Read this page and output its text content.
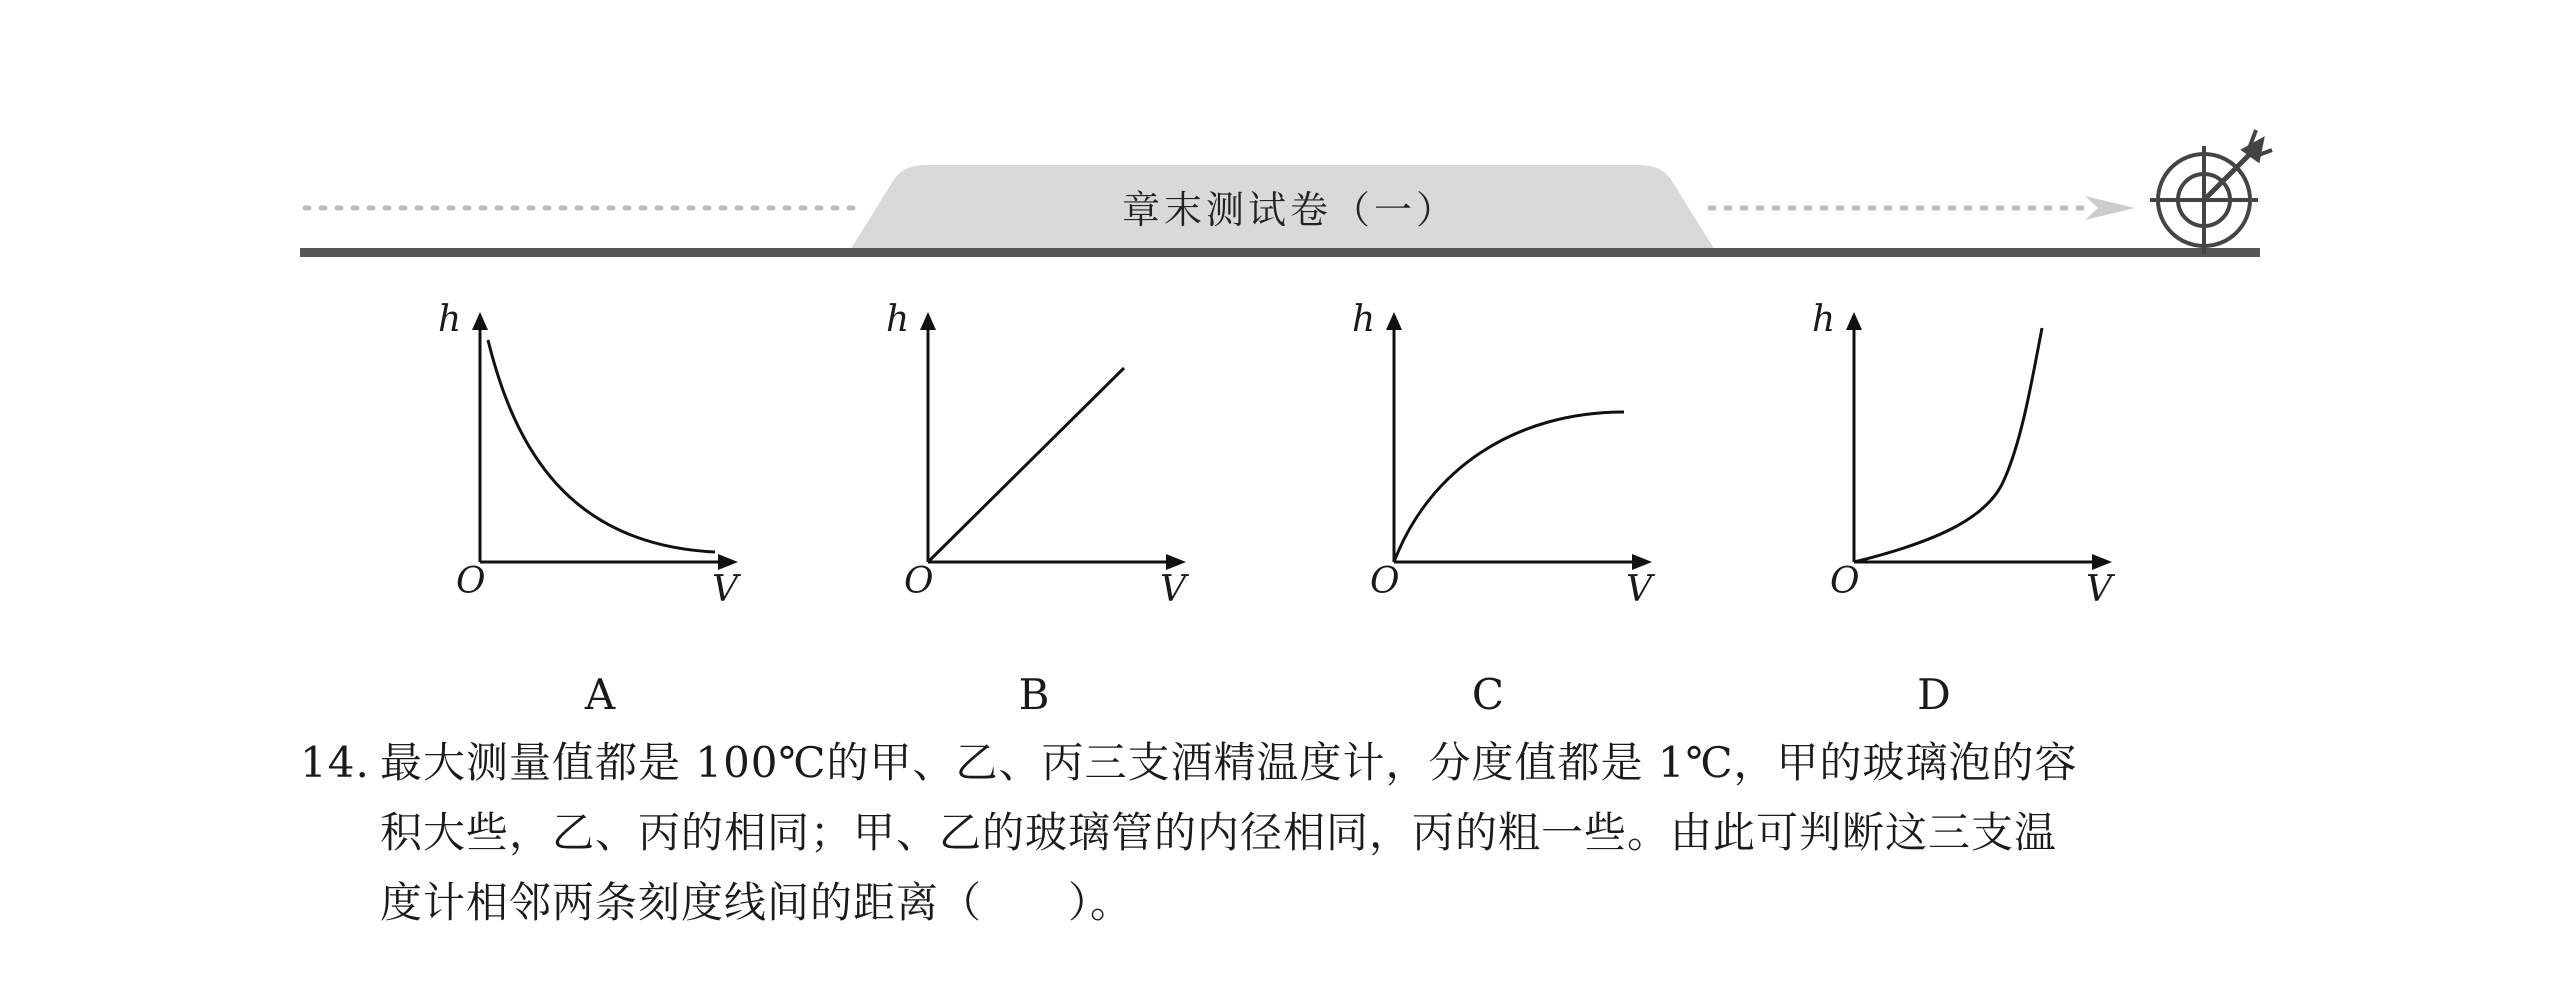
章末测试卷（一）
h
O	V
A
h
O	V
B
h
O	V
C
h
O	V
D
14. 最大测量值都是 100℃的甲、乙、丙三支酒精温度计，分度值都是 1℃，甲的玻璃泡的容
积大些，乙、丙的相同；甲、乙的玻璃管的内径相同，丙的粗一些。由此可判断这三支温
度计相邻两条刻度线间的距离（　　）。
